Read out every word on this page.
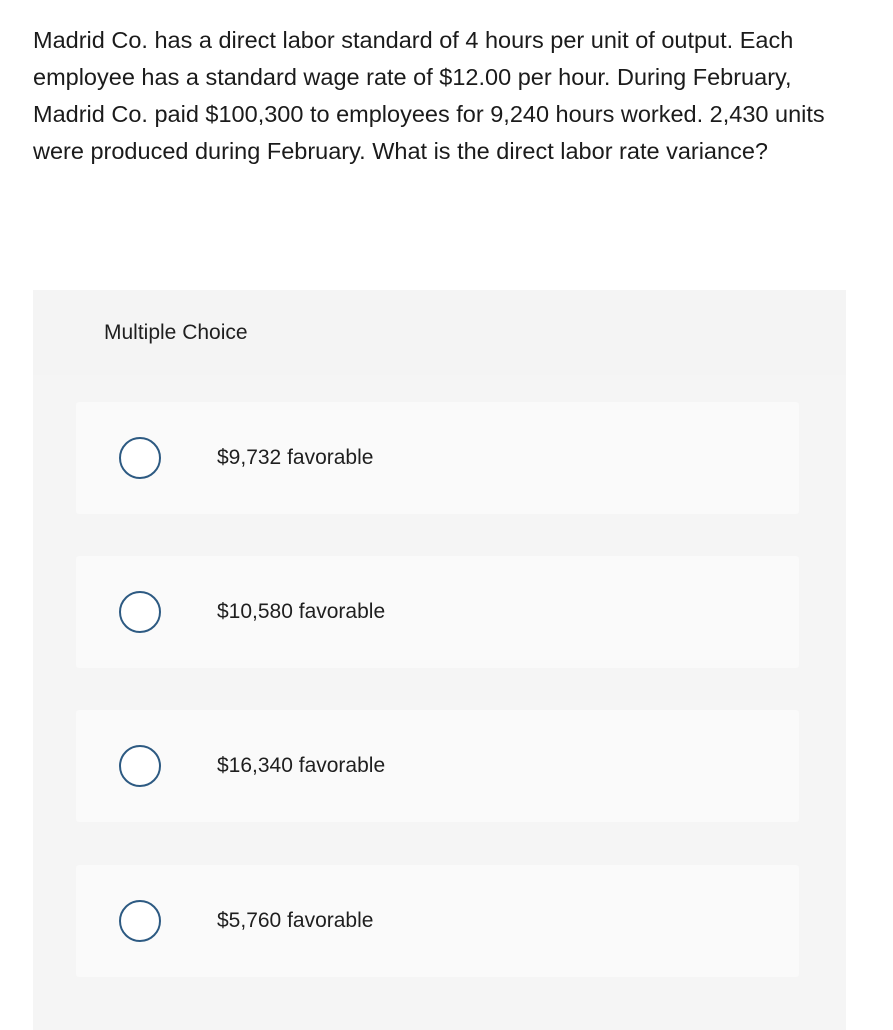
Madrid Co. has a direct labor standard of 4 hours per unit of output. Each employee has a standard wage rate of $12.00 per hour. During February, Madrid Co. paid $100,300 to employees for 9,240 hours worked. 2,430 units were produced during February. What is the direct labor rate variance?

Multiple Choice
$9,732 favorable
$10,580 favorable
$16,340 favorable
$5,760 favorable
